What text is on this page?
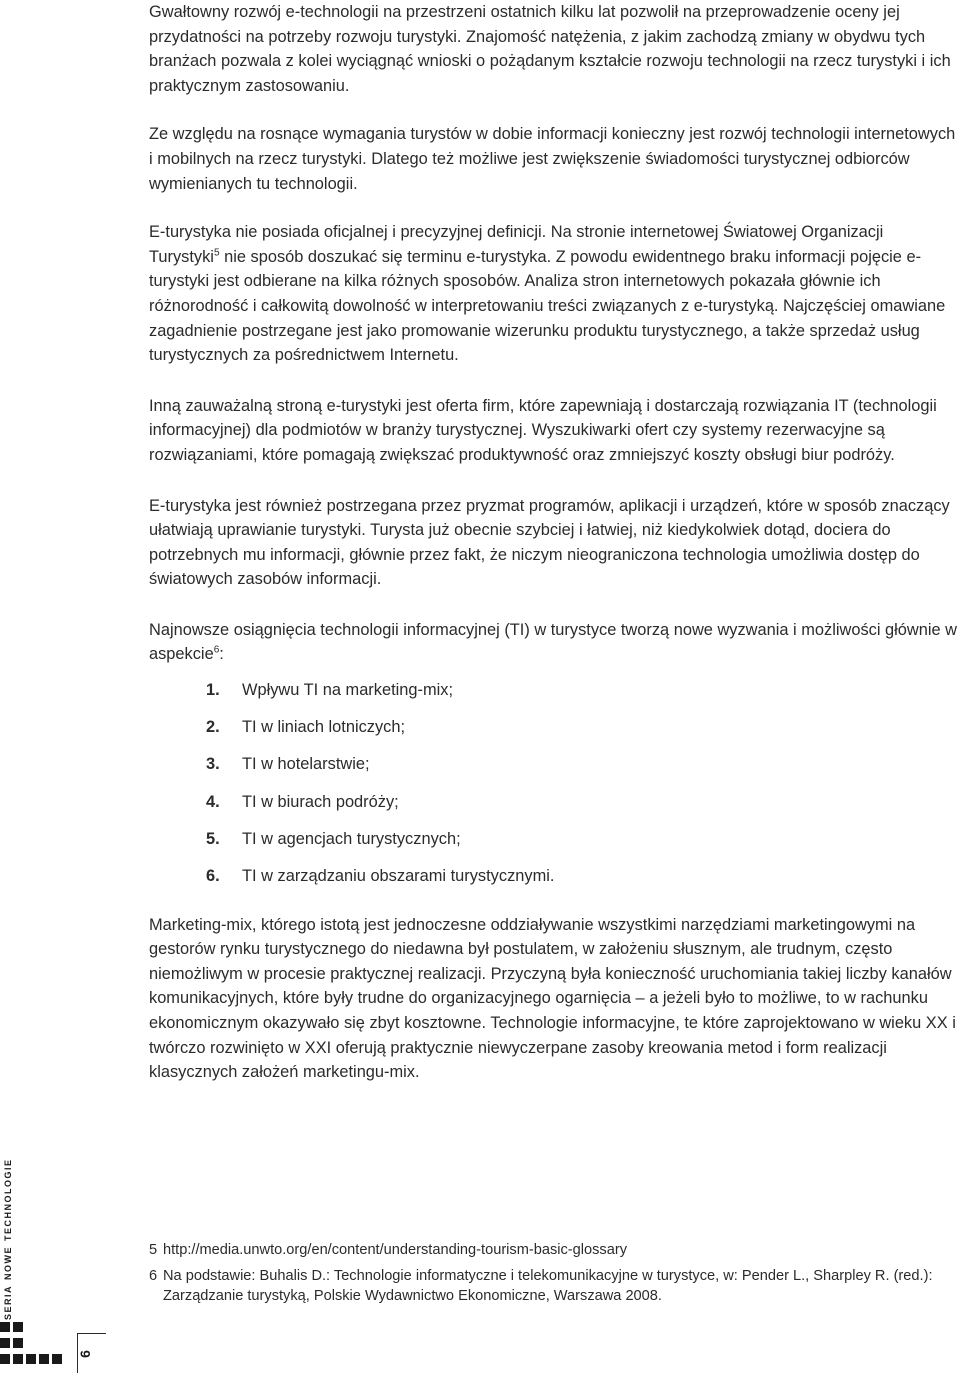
Gwałtowny rozwój e-technologii na przestrzeni ostatnich kilku lat pozwolił na przeprowadzenie oceny jej przydatności na potrzeby rozwoju turystyki. Znajomość natężenia, z jakim zachodzą zmiany w obydwu tych branżach pozwala z kolei wyciągnąć wnioski o pożądanym kształcie rozwoju technologii na rzecz turystyki i ich praktycznym zastosowaniu.

Ze względu na rosnące wymagania turystów w dobie informacji konieczny jest rozwój technologii internetowych i mobilnych na rzecz turystyki. Dlatego też możliwe jest zwiększenie świadomości turystycznej odbiorców wymienianych tu technologii.

E-turystyka nie posiada oficjalnej i precyzyjnej definicji. Na stronie internetowej Światowej Organizacji Turystyki$^5$ nie sposób doszukać się terminu e-turystyka. Z powodu ewidentnego braku informacji pojęcie e-turystyki jest odbierane na kilka różnych sposobów. Analiza stron internetowych pokazała głównie ich różnorodność i całkowitą dowolność w interpretowaniu treści związanych z e-turystyką. Najczęściej omawiane zagadnienie postrzegane jest jako promowanie wizerunku produktu turystycznego, a także sprzedaż usług turystycznych za pośrednictwem Internetu.

Inną zauważalną stroną e-turystyki jest oferta firm, które zapewniają i dostarczają rozwiązania IT (technologii informacyjnej) dla podmiotów w branży turystycznej. Wyszukiwarki ofert czy systemy rezerwacyjne są rozwiązaniami, które pomagają zwiększać produktywność oraz zmniejszyć koszty obsługi biur podróży.

E-turystyka jest również postrzegana przez pryzmat programów, aplikacji i urządzeń, które w sposób znaczący ułatwiają uprawianie turystyki. Turysta już obecnie szybciej i łatwiej, niż kiedykolwiek dotąd, dociera do potrzebnych mu informacji, głównie przez fakt, że niczym nieograniczona technologia umożliwia dostęp do światowych zasobów informacji.

Najnowsze osiągnięcia technologii informacyjnej (TI) w turystyce tworzą nowe wyzwania i możliwości głównie w aspekcie$^6$:

1. Wpływu TI na marketing-mix;
2. TI w liniach lotniczych;
3. TI w hotelarstwie;
4. TI w biurach podróży;
5. TI w agencjach turystycznych;
6. TI w zarządzaniu obszarami turystycznymi.

Marketing-mix, którego istotą jest jednoczesne oddziaływanie wszystkimi narzędziami marketingowymi na gestorów rynku turystycznego do niedawna był postulatem, w założeniu słusznym, ale trudnym, często niemożliwym w procesie praktycznej realizacji. Przyczyną była konieczność uruchomiania takiej liczby kanałów komunikacyjnych, które były trudne do organizacyjnego ogarnięcia – a jeżeli było to możliwe, to w rachunku ekonomicznym okazywało się zbyt kosztowne. Technologie informacyjne, te które zaprojektowano w wieku XX i twórczo rozwinięto w XXI oferują praktycznie niewyczerpane zasoby kreowania metod i form realizacji klasycznych założeń marketingu-mix.

5 http://media.unwto.org/en/content/understanding-tourism-basic-glossary
6 Na podstawie: Buhalis D.: Technologie informatyczne i telekomunikacyjne w turystyce, w: Pender L., Sharpley R. (red.): Zarządzanie turystyką, Polskie Wydawnictwo Ekonomiczne, Warszawa 2008.
seria nowe technologie
6
